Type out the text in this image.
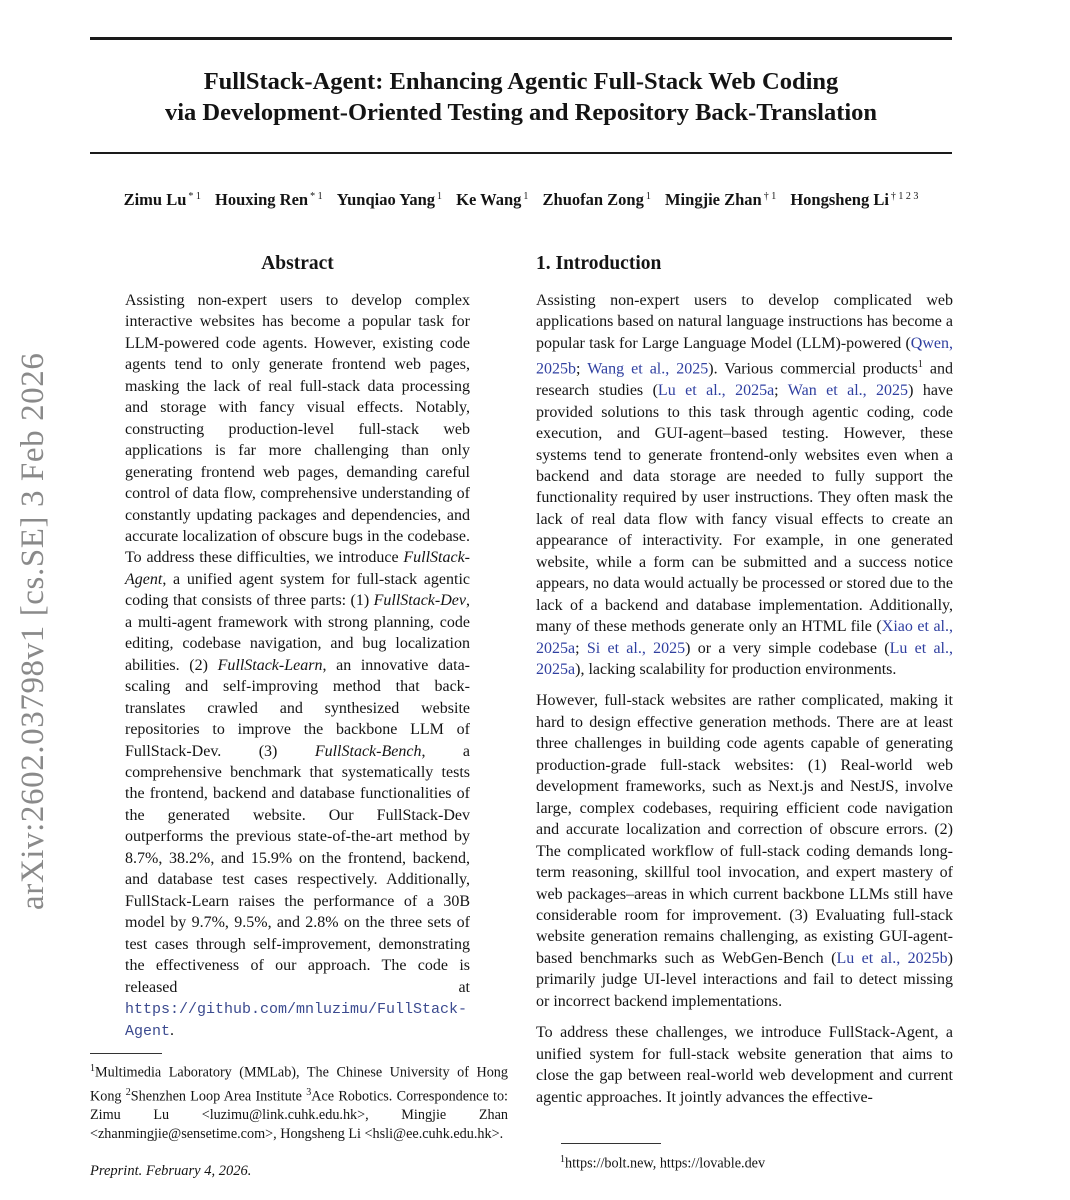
FullStack-Agent: Enhancing Agentic Full-Stack Web Coding
via Development-Oriented Testing and Repository Back-Translation
Zimu Lu $^{* 1}$ Houxing Ren $^{* 1}$ Yunqiao Yang $^1$ Ke Wang $^1$ Zhuofan Zong $^1$ Mingjie Zhan $^{\dagger 1}$ Hongsheng Li $^{\dagger 1 2 3}$
arXiv:2602.03798v1 [cs.SE] 3 Feb 2026
Abstract

Assisting non-expert users to develop complex interactive websites has become a popular task for LLM-powered code agents. However, existing code agents tend to only generate frontend web pages, masking the lack of real full-stack data processing and storage with fancy visual effects. Notably, constructing production-level full-stack web applications is far more challenging than only generating frontend web pages, demanding careful control of data flow, comprehensive understanding of constantly updating packages and dependencies, and accurate localization of obscure bugs in the codebase. To address these difficulties, we introduce FullStack-Agent, a unified agent system for full-stack agentic coding that consists of three parts: (1) FullStack-Dev, a multi-agent framework with strong planning, code editing, codebase navigation, and bug localization abilities. (2) FullStack-Learn, an innovative data-scaling and self-improving method that back-translates crawled and synthesized website repositories to improve the backbone LLM of FullStack-Dev. (3) FullStack-Bench, a comprehensive benchmark that systematically tests the frontend, backend and database functionalities of the generated website. Our FullStack-Dev outperforms the previous state-of-the-art method by 8.7%, 38.2%, and 15.9% on the frontend, backend, and database test cases respectively. Additionally, FullStack-Learn raises the performance of a 30B model by 9.7%, 9.5%, and 2.8% on the three sets of test cases through self-improvement, demonstrating the effectiveness of our approach. The code is released at https://github.com/mnluzimu/FullStack-Agent.

$^1$Multimedia Laboratory (MMLab), The Chinese University of Hong Kong $^2$Shenzhen Loop Area Institute $^3$Ace Robotics. Correspondence to: Zimu Lu <luzimu@link.cuhk.edu.hk>, Mingjie Zhan <zhanmingjie@sensetime.com>, Hongsheng Li <hsli@ee.cuhk.edu.hk>.
Preprint. February 4, 2026.
1. Introduction

Assisting non-expert users to develop complicated web applications based on natural language instructions has become a popular task for Large Language Model (LLM)-powered (Qwen, 2025b; Wang et al., 2025). Various commercial products$^1$ and research studies (Lu et al., 2025a; Wan et al., 2025) have provided solutions to this task through agentic coding, code execution, and GUI-agent–based testing. However, these systems tend to generate frontend-only websites even when a backend and data storage are needed to fully support the functionality required by user instructions. They often mask the lack of real data flow with fancy visual effects to create an appearance of interactivity. For example, in one generated website, while a form can be submitted and a success notice appears, no data would actually be processed or stored due to the lack of a backend and database implementation. Additionally, many of these methods generate only an HTML file (Xiao et al., 2025a; Si et al., 2025) or a very simple codebase (Lu et al., 2025a), lacking scalability for production environments.

However, full-stack websites are rather complicated, making it hard to design effective generation methods. There are at least three challenges in building code agents capable of generating production-grade full-stack websites: (1) Real-world web development frameworks, such as Next.js and NestJS, involve large, complex codebases, requiring efficient code navigation and accurate localization and correction of obscure errors. (2) The complicated workflow of full-stack coding demands long-term reasoning, skillful tool invocation, and expert mastery of web packages–areas in which current backbone LLMs still have considerable room for improvement. (3) Evaluating full-stack website generation remains challenging, as existing GUI-agent-based benchmarks such as WebGen-Bench (Lu et al., 2025b) primarily judge UI-level interactions and fail to detect missing or incorrect backend implementations.

To address these challenges, we introduce FullStack-Agent, a unified system for full-stack website generation that aims to close the gap between real-world web development and current agentic approaches. It jointly advances the effective-

$^1$https://bolt.new, https://lovable.dev
